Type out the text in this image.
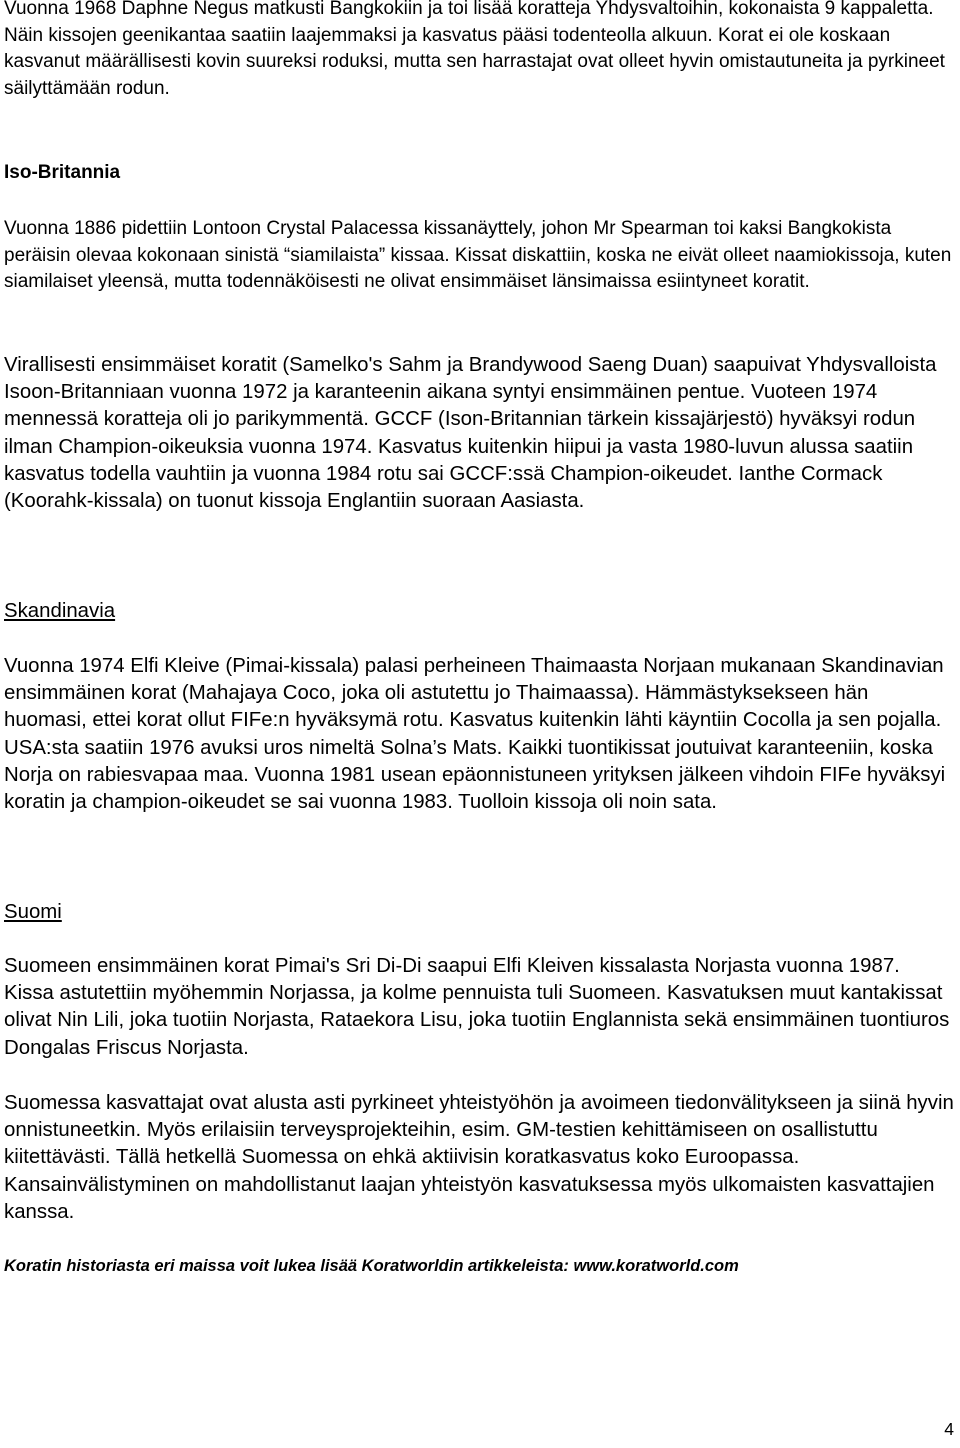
Vuonna 1968 Daphne Negus matkusti Bangkokiin ja toi lisää koratteja Yhdysvaltoihin, kokonaista 9 kappaletta. Näin kissojen geenikantaa saatiin laajemmaksi ja kasvatus pääsi todenteolla alkuun. Korat ei ole koskaan kasvanut määrällisesti kovin suureksi roduksi, mutta sen harrastajat ovat olleet hyvin omistautuneita ja pyrkineet säilyttämään rodun.

Iso-Britannia

Vuonna 1886 pidettiin Lontoon Crystal Palacessa kissanäyttely, johon Mr Spearman toi kaksi Bangkokista peräisin olevaa kokonaan sinistä “siamilaista” kissaa. Kissat diskattiin, koska ne eivät olleet naamiokissoja, kuten siamilaiset yleensä, mutta todennäköisesti ne olivat ensimmäiset länsimaissa esiintyneet koratit.

Virallisesti ensimmäiset koratit (Samelko's Sahm ja Brandywood Saeng Duan) saapuivat Yhdysvalloista Isoon-Britanniaan vuonna 1972 ja karanteenin aikana syntyi ensimmäinen pentue. Vuoteen 1974 mennessä koratteja oli jo parikymmentä. GCCF (Ison-Britannian tärkein kissajärjestö) hyväksyi rodun ilman Champion-oikeuksia vuonna 1974. Kasvatus kuitenkin hiipui ja vasta 1980-luvun alussa saatiin kasvatus todella vauhtiin ja vuonna 1984 rotu sai GCCF:ssä Champion-oikeudet. Ianthe Cormack (Koorahk-kissala) on tuonut kissoja Englantiin suoraan Aasiasta.

Skandinavia

Vuonna 1974 Elfi Kleive (Pimai-kissala) palasi perheineen Thaimaasta Norjaan mukanaan Skandinavian ensimmäinen korat (Mahajaya Coco, joka oli astutettu jo Thaimaassa). Hämmästyksekseen hän huomasi, ettei korat ollut FIFe:n hyväksymä rotu. Kasvatus kuitenkin lähti käyntiin Cocolla ja sen pojalla. USA:sta saatiin 1976 avuksi uros nimeltä Solna’s Mats. Kaikki tuontikissat joutuivat karanteeniin, koska Norja on rabiesvapaa maa. Vuonna 1981 usean epäonnistuneen yrityksen jälkeen vihdoin FIFe hyväksyi koratin ja champion-oikeudet se sai vuonna 1983. Tuolloin kissoja oli noin sata.

Suomi

Suomeen ensimmäinen korat Pimai's Sri Di-Di saapui Elfi Kleiven kissalasta Norjasta vuonna 1987. Kissa astutettiin myöhemmin Norjassa, ja kolme pennuista tuli Suomeen. Kasvatuksen muut kantakissat olivat Nin Lili, joka tuotiin Norjasta, Rataekora Lisu, joka tuotiin Englannista sekä ensimmäinen tuontiuros Dongalas Friscus Norjasta.

Suomessa kasvattajat ovat alusta asti pyrkineet yhteistyöhön ja avoimeen tiedonvälitykseen ja siinä hyvin onnistuneetkin. Myös erilaisiin terveysprojekteihin, esim. GM-testien kehittämiseen on osallistuttu kiitettävästi. Tällä hetkellä Suomessa on ehkä aktiivisin koratkasvatus koko Euroopassa. Kansainvälistyminen on mahdollistanut laajan yhteistyön kasvatuksessa myös ulkomaisten kasvattajien kanssa.

Koratin historiasta eri maissa voit lukea lisää Koratworldin artikkeleista: www.koratworld.com
4
